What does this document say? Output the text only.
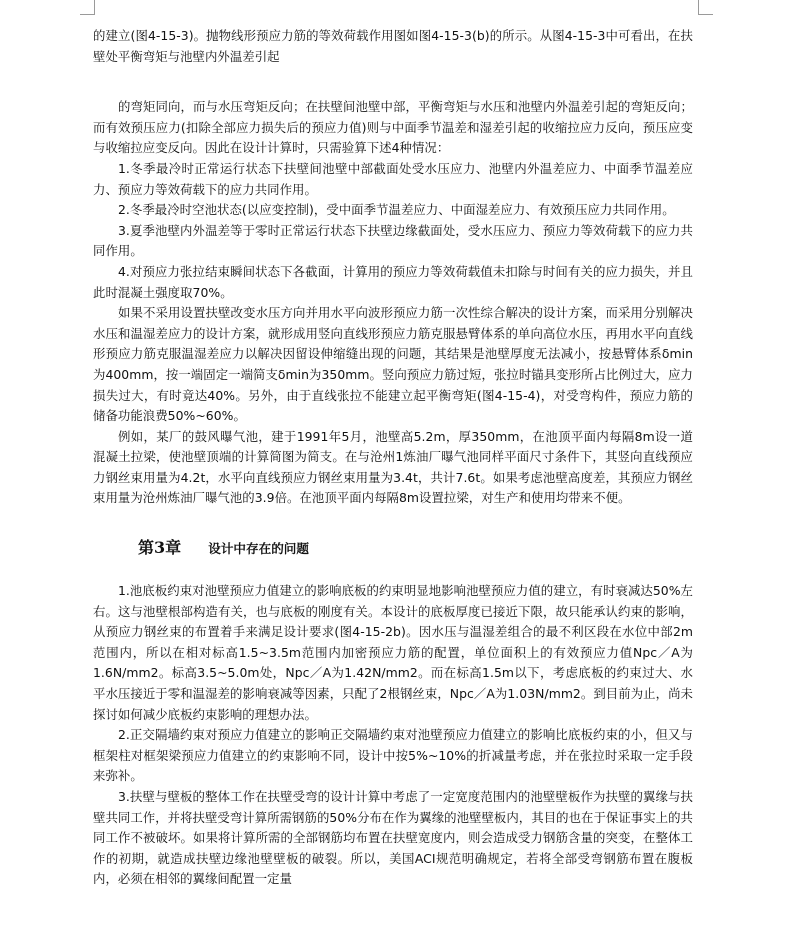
的建立(图4-15-3)。抛物线形预应力筋的等效荷载作用图如图4-15-3(b)的所示。从图4-15-3中可看出，在扶壁处平衡弯矩与池壁内外温差引起

的弯矩同向，而与水压弯矩反向；在扶壁间池壁中部，平衡弯矩与水压和池壁内外温差引起的弯矩反向；而有效预压应力(扣除全部应力损失后的预应力值)则与中面季节温差和湿差引起的收缩拉应力反向，预压应变与收缩拉应变反向。因此在设计计算时，只需验算下述4种情况：

1.冬季最冷时正常运行状态下扶壁间池壁中部截面处受水压应力、池壁内外温差应力、中面季节温差应力、预应力等效荷载下的应力共同作用。

2.冬季最冷时空池状态(以应变控制)，受中面季节温差应力、中面湿差应力、有效预压应力共同作用。

3.夏季池壁内外温差等于零时正常运行状态下扶壁边缘截面处，受水压应力、预应力等效荷载下的应力共同作用。

4.对预应力张拉结束瞬间状态下各截面，计算用的预应力等效荷载值未扣除与时间有关的应力损失，并且此时混凝土强度取70%。

如果不采用设置扶壁改变水压方向并用水平向波形预应力筋一次性综合解决的设计方案，而采用分别解决水压和温湿差应力的设计方案，就形成用竖向直线形预应力筋克服悬臂体系的单向高位水压，再用水平向直线形预应力筋克服温湿差应力以解决因留设伸缩缝出现的问题，其结果是池壁厚度无法减小，按悬臂体系δmin为400mm，按一端固定一端简支δmin为350mm。竖向预应力筋过短，张拉时锚具变形所占比例过大，应力损失过大，有时竟达40%。另外，由于直线张拉不能建立起平衡弯矩(图4-15-4)，对受弯构件，预应力筋的储备功能浪费50%~60%。

例如，某厂的鼓风曝气池，建于1991年5月，池壁高5.2m，厚350mm，在池顶平面内每隔8m设一道混凝土拉梁，使池壁顶端的计算简图为简支。在与沧州1炼油厂曝气池同样平面尺寸条件下，其竖向直线预应力钢丝束用量为4.2t，水平向直线预应力钢丝束用量为3.4t，共计7.6t。如果考虑池壁高度差，其预应力钢丝束用量为沧州炼油厂曝气池的3.9倍。在池顶平面内每隔8m设置拉梁，对生产和使用均带来不便。

第3章 设计中存在的问题

1.池底板约束对池壁预应力值建立的影响底板的约束明显地影响池壁预应力值的建立，有时衰减达50%左右。这与池壁根部构造有关，也与底板的刚度有关。本设计的底板厚度已接近下限，故只能承认约束的影响，从预应力钢丝束的布置着手来满足设计要求(图4-15-2b)。因水压与温湿差组合的最不利区段在水位中部2m范围内，所以在相对标高1.5~3.5m范围内加密预应力筋的配置，单位面积上的有效预应力值Npc／A为1.6N/mm2。标高3.5~5.0m处，Npc／A为1.42N/mm2。而在标高1.5m以下，考虑底板的约束过大、水平水压接近于零和温湿差的影响衰减等因素，只配了2根钢丝束，Npc／A为1.03N/mm2。到目前为止，尚未探讨如何减少底板约束影响的理想办法。

2.正交隔墙约束对预应力值建立的影响正交隔墙约束对池壁预应力值建立的影响比底板约束的小，但又与框架柱对框架梁预应力值建立的约束影响不同，设计中按5%~10%的折减量考虑，并在张拉时采取一定手段来弥补。

3.扶壁与壁板的整体工作在扶壁受弯的设计计算中考虑了一定宽度范围内的池壁壁板作为扶壁的翼缘与扶壁共同工作，并将扶壁受弯计算所需钢筋的50%分布在作为翼缘的池壁壁板内，其目的也在于保证事实上的共同工作不被破坏。如果将计算所需的全部钢筋均布置在扶壁宽度内，则会造成受力钢筋含量的突变，在整体工作的初期，就造成扶壁边缘池壁壁板的破裂。所以，美国ACI规范明确规定，若将全部受弯钢筋布置在腹板内，必须在相邻的翼缘间配置一定量
